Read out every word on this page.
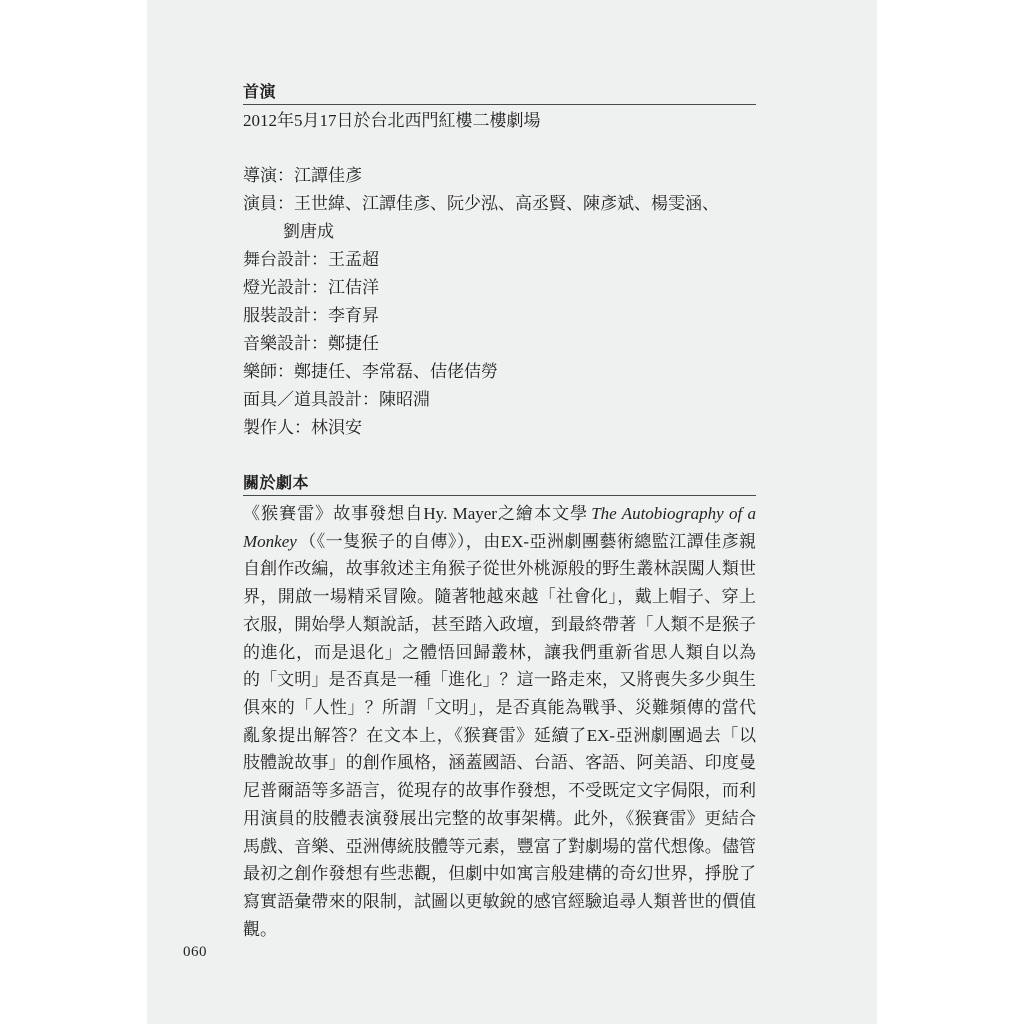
首演
2012年5月17日於台北西門紅樓二樓劇場
導演：江譚佳彥
演員：王世緯、江譚佳彥、阮少泓、高丞賢、陳彥斌、楊雯涵、
劉唐成
舞台設計：王孟超
燈光設計：江佶洋
服裝設計：李育昇
音樂設計：鄭捷任
樂師：鄭捷任、李常磊、佶佬佶勞
面具／道具設計：陳昭淵
製作人：林浿安
關於劇本
《猴賽雷》故事發想自Hy. Mayer之繪本文學 The Autobiography of a
Monkey （《一隻猴子的自傳》），由EX-亞洲劇團藝術總監江譚佳彥親
自創作改編，故事敘述主角猴子從世外桃源般的野生叢林誤闖人類世
界，開啟一場精采冒險。隨著牠越來越「社會化」，戴上帽子、穿上
衣服，開始學人類說話，甚至踏入政壇，到最終帶著「人類不是猴子
的進化，而是退化」之體悟回歸叢林，讓我們重新省思人類自以為
的「文明」是否真是一種「進化」？這一路走來，又將喪失多少與生
俱來的「人性」？所謂「文明」，是否真能為戰爭、災難頻傳的當代
亂象提出解答？在文本上，《猴賽雷》延續了EX-亞洲劇團過去「以
肢體說故事」的創作風格，涵蓋國語、台語、客語、阿美語、印度曼
尼普爾語等多語言，從現存的故事作發想，不受既定文字侷限，而利
用演員的肢體表演發展出完整的故事架構。此外，《猴賽雷》更結合
馬戲、音樂、亞洲傳統肢體等元素，豐富了對劇場的當代想像。儘管
最初之創作發想有些悲觀，但劇中如寓言般建構的奇幻世界，掙脫了
寫實語彙帶來的限制，試圖以更敏銳的感官經驗追尋人類普世的價值
觀。
060
